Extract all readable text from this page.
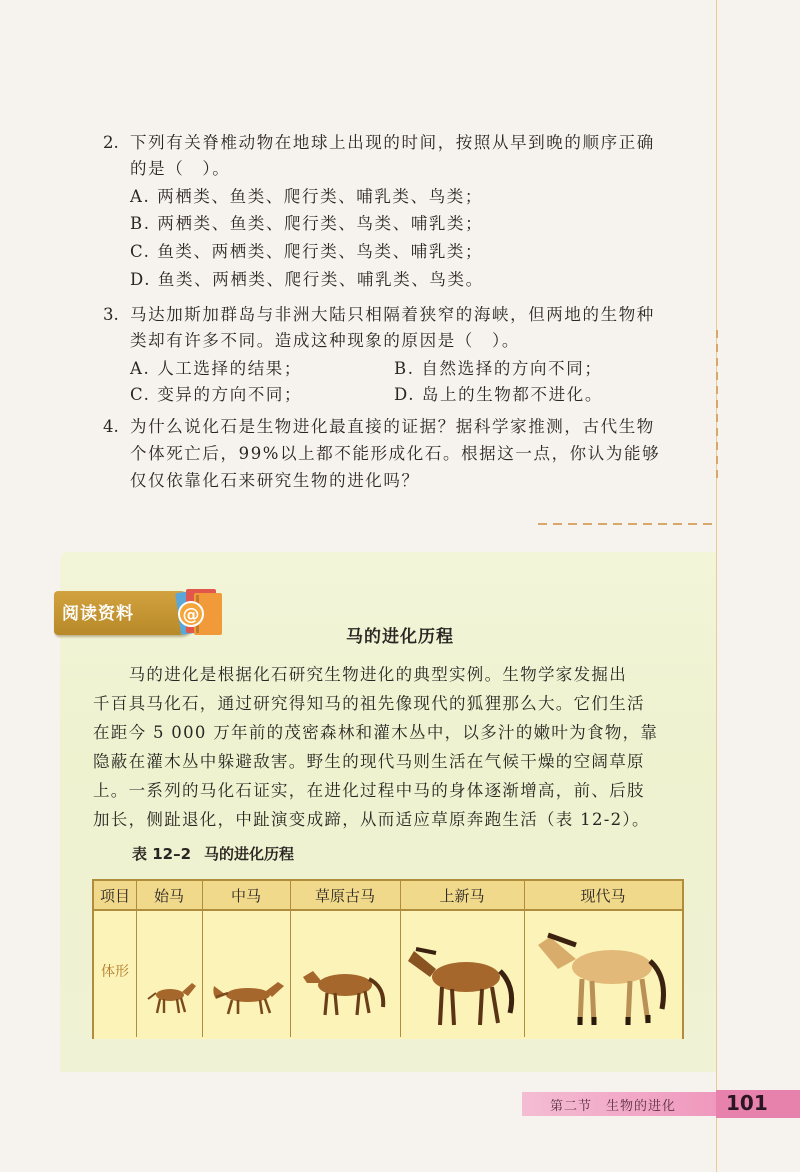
2. 下列有关脊椎动物在地球上出现的时间，按照从早到晚的顺序正确
的是（　）。
A. 两栖类、鱼类、爬行类、哺乳类、鸟类；
B. 两栖类、鱼类、爬行类、鸟类、哺乳类；
C. 鱼类、两栖类、爬行类、鸟类、哺乳类；
D. 鱼类、两栖类、爬行类、哺乳类、鸟类。
3. 马达加斯加群岛与非洲大陆只相隔着狭窄的海峡，但两地的生物种
类却有许多不同。造成这种现象的原因是（　）。
A. 人工选择的结果；	B. 自然选择的方向不同；
C. 变异的方向不同；	D. 岛上的生物都不进化。
4. 为什么说化石是生物进化最直接的证据？据科学家推测，古代生物
个体死亡后，99%以上都不能形成化石。根据这一点，你认为能够
仅仅依靠化石来研究生物的进化吗？
阅读资料	@
马的进化历程
　　马的进化是根据化石研究生物进化的典型实例。生物学家发掘出
千百具马化石，通过研究得知马的祖先像现代的狐狸那么大。它们生活
在距今 5 000 万年前的茂密森林和灌木丛中，以多汁的嫩叶为食物，靠
隐蔽在灌木丛中躲避敌害。野生的现代马则生活在气候干燥的空阔草原
上。一系列的马化石证实，在进化过程中马的身体逐渐增高，前、后肢
加长，侧趾退化，中趾演变成蹄，从而适应草原奔跑生活（表 12-2）。
表 12–2 马的进化历程
项目	始马	中马	草原古马	上新马	现代马
体形
第二节　生物的进化 101
